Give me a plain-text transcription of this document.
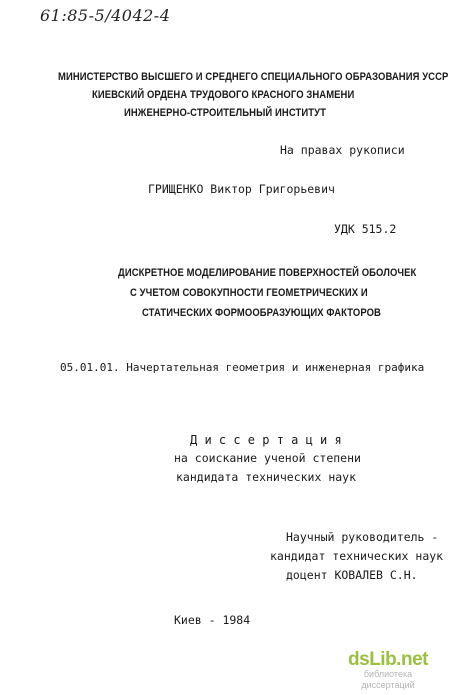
61:85-5/4042-4
МИНИСТЕРСТВО ВЫСШЕГО И СРЕДНЕГО СПЕЦИАЛЬНОГО ОБРАЗОВАНИЯ УССР
КИЕВСКИЙ ОРДЕНА ТРУДОВОГО КРАСНОГО ЗНАМЕНИ
ИНЖЕНЕРНО-СТРОИТЕЛЬНЫЙ ИНСТИТУТ
На правах рукописи
ГРИЩЕНКО Виктор Григорьевич
УДК 515.2
ДИСКРЕТНОЕ МОДЕЛИРОВАНИЕ ПОВЕРХНОСТЕЙ ОБОЛОЧЕК
С УЧЕТОМ СОВОКУПНОСТИ ГЕОМЕТРИЧЕСКИХ И
СТАТИЧЕСКИХ ФОРМООБРАЗУЮЩИХ ФАКТОРОВ
05.01.01. Начертательная геометрия и инженерная графика
Д и с с е р т а ц и я
на соискание ученой степени
кандидата технических наук
Научный руководитель -
кандидат технических наук
доцент КОВАЛЕВ С.Н.
Киев - 1984
dsLib.net
библиотека диссертаций
